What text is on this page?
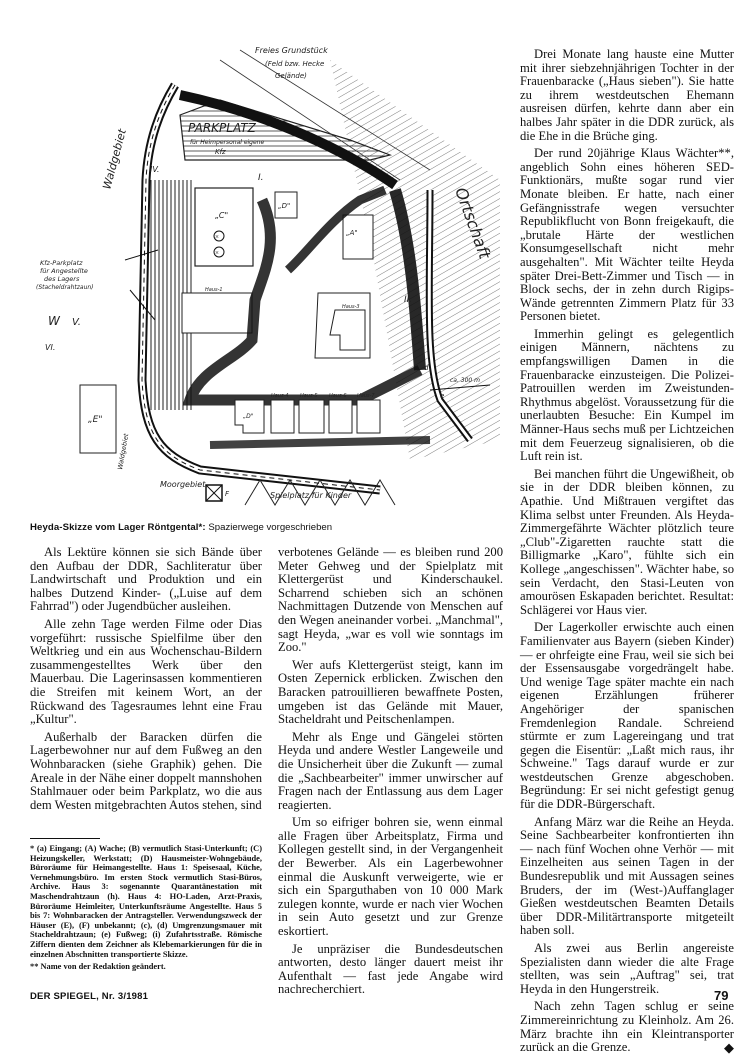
PARKPLATZ
für Heimpersonal eigene
Kfz
Freies Grundstück
(Feld bzw. Hecke
Gelände)
Waldgebiet
Kfz-Parkplatz
für Angestellte
des Lagers
(Stacheldrahtzaun)
W V.
VI.
IV.
I.
„C"
×
×
„D"
„A"
Haus-1
Haus-3
II.
Ortschaft
ca. 300 m
d
e
„D"
Haus-4 Haus-5 Haus-6 Haus-7
„E"
F	Spielplatz für Kinder
Waldgebiet
Moorgebiet
Heyda-Skizze vom Lager Röntgental*: Spazierwege vorgeschrieben

Als Lektüre können sie sich Bände über den Aufbau der DDR, Sachliteratur über Landwirtschaft und Produktion und ein halbes Dutzend Kinder- („Luise auf dem Fahrrad") oder Jugendbücher ausleihen.

Alle zehn Tage werden Filme oder Dias vorgeführt: russische Spielfilme über den Weltkrieg und ein aus Wochenschau-Bildern zusammengestelltes Werk über den Mauerbau. Die Lagerinsassen kommentieren die Streifen mit keinem Wort, an der Rückwand des Tagesraumes lehnt eine Frau „Kultur".

Außerhalb der Baracken dürfen die Lagerbewohner nur auf dem Fußweg an den Wohnbaracken (siehe Graphik) gehen. Die Areale in der Nähe einer doppelt mannshohen Stahlmauer oder beim Parkplatz, wo die aus dem Westen mitgebrachten Autos stehen, sind

* (a) Eingang; (A) Wache; (B) vermutlich Stasi-Unterkunft; (C) Heizungskeller, Werkstatt; (D) Hausmeister-Wohngebäude, Büroräume für Heimangestellte. Haus 1: Speisesaal, Küche, Vernehmungsbüro. Im ersten Stock vermutlich Stasi-Büros, Archive. Haus 3: sogenannte Quarantänestation mit Maschendrahtzaun (h). Haus 4: HO-Laden, Arzt-Praxis, Büroräume Heimleiter, Unterkunftsräume Angestellte. Haus 5 bis 7: Wohnbaracken der Antragsteller. Verwendungszweck der Häuser (E), (F) unbekannt; (c), (d) Umgrenzungsmauer mit Stacheldrahtzaun; (e) Fußweg; (i) Zufahrtsstraße. Römische Ziffern dienten dem Zeichner als Klebemarkierungen für die in einzelnen Abschnitten transportierte Skizze.

** Name von der Redaktion geändert.

verbotenes Gelände — es bleiben rund 200 Meter Gehweg und der Spielplatz mit Klettergerüst und Kinderschaukel. Scharrend schieben sich an schönen Nachmittagen Dutzende von Menschen auf den Wegen aneinander vorbei. „Manchmal", sagt Heyda, „war es voll wie sonntags im Zoo."

Wer aufs Klettergerüst steigt, kann im Osten Zepernick erblicken. Zwischen den Baracken patrouillieren bewaffnete Posten, umgeben ist das Gelände mit Mauer, Stacheldraht und Peitschenlampen.

Mehr als Enge und Gängelei störten Heyda und andere Westler Langeweile und die Unsicherheit über die Zukunft — zumal die „Sachbearbeiter" immer unwirscher auf Fragen nach der Entlassung aus dem Lager reagierten.

Um so eifriger bohren sie, wenn einmal alle Fragen über Arbeitsplatz, Firma und Kollegen gestellt sind, in der Vergangenheit der Bewerber. Als ein Lagerbewohner einmal die Auskunft verweigerte, wie er sich ein Sparguthaben von 10 000 Mark zulegen konnte, wurde er nach vier Wochen in sein Auto gesetzt und zur Grenze eskortiert.

Je unpräziser die Bundesdeutschen antworten, desto länger dauert meist ihr Aufenthalt — fast jede Angabe wird nachrecherchiert.

Drei Monate lang hauste eine Mutter mit ihrer siebzehnjährigen Tochter in der Frauenbaracke („Haus sieben"). Sie hatte zu ihrem westdeutschen Ehemann ausreisen dürfen, kehrte dann aber ein halbes Jahr später in die DDR zurück, als die Ehe in die Brüche ging.

Der rund 20jährige Klaus Wächter**, angeblich Sohn eines höheren SED-Funktionärs, mußte sogar rund vier Monate bleiben. Er hatte, nach einer Gefängnisstrafe wegen versuchter Republikflucht von Bonn freigekauft, die „brutale Härte der westlichen Konsumgesellschaft nicht mehr ausgehalten". Mit Wächter teilte Heyda später Drei-Bett-Zimmer und Tisch — in Block sechs, der in zehn durch Rigips-Wände getrennten Zimmern Platz für 33 Personen bietet.

Immerhin gelingt es gelegentlich einigen Männern, nächtens zu empfangswilligen Damen in die Frauenbaracke einzusteigen. Die Polizei-Patrouillen werden im Zweistunden-Rhythmus abgelöst. Voraussetzung für die unerlaubten Besuche: Ein Kumpel im Männer-Haus sechs muß per Lichtzeichen mit dem Feuerzeug signalisieren, ob die Luft rein ist.

Bei manchen führt die Ungewißheit, ob sie in der DDR bleiben können, zu Apathie. Und Mißtrauen vergiftet das Klima selbst unter Freunden. Als Heyda-Zimmergefährte Wächter plötzlich teure „Club"-Zigaretten rauchte statt die Billigmarke „Karo", fühlte sich ein Kollege „angeschissen". Wächter habe, so sein Verdacht, den Stasi-Leuten von amourösen Eskapaden berichtet. Resultat: Schlägerei vor Haus vier.

Der Lagerkoller erwischte auch einen Familienvater aus Bayern (sieben Kinder) — er ohrfeigte eine Frau, weil sie sich bei der Essensausgabe vorgedrängelt habe. Und wenige Tage später machte ein nach eigenen Erzählungen früherer Angehöriger der spanischen Fremdenlegion Randale. Schreiend stürmte er zum Lagereingang und trat gegen die Eisentür: „Laßt mich raus, ihr Schweine." Tags darauf wurde er zur westdeutschen Grenze abgeschoben. Begründung: Er sei nicht gefestigt genug für die DDR-Bürgerschaft.

Anfang März war die Reihe an Heyda. Seine Sachbearbeiter konfrontierten ihn — nach fünf Wochen ohne Verhör — mit Einzelheiten aus seinen Tagen in der Bundesrepublik und mit Aussagen seines Bruders, der im (West-)Auffanglager Gießen westdeutschen Beamten Details über DDR-Militärtransporte mitgeteilt haben soll.

Als zwei aus Berlin angereiste Spezialisten dann wieder die alte Frage stellten, was sein „Auftrag" sei, trat Heyda in den Hungerstreik.

Nach zehn Tagen schlug er seine Zimmereinrichtung zu Kleinholz. Am 26. März brachte ihn ein Kleintransporter zurück an die Grenze.	◆

DER SPIEGEL, Nr. 3/1981	79
